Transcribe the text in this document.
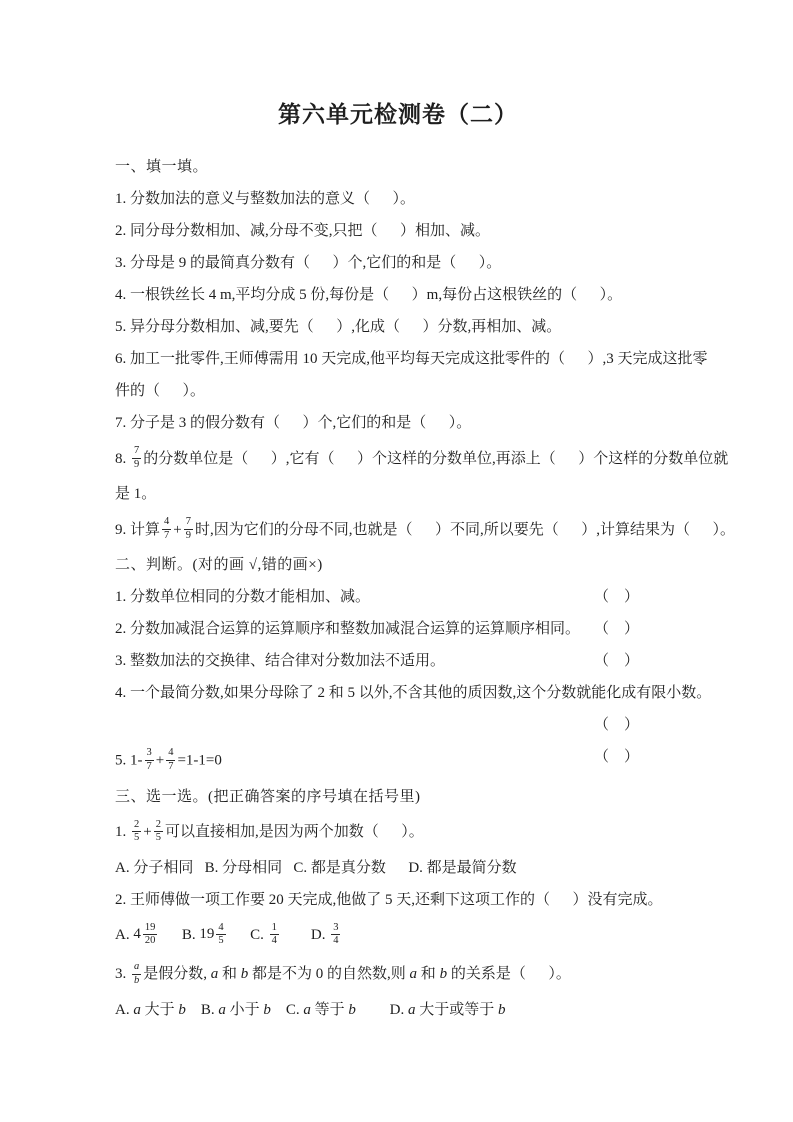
第六单元检测卷（二）
一、填一填。
1. 分数加法的意义与整数加法的意义（      ）。
2. 同分母分数相加、减,分母不变,只把（      ）相加、减。
3. 分母是 9 的最简真分数有（      ）个,它们的和是（      ）。
4. 一根铁丝长 4 m,平均分成 5 份,每份是（      ）m,每份占这根铁丝的（      ）。
5. 异分母分数相加、减,要先（      ）,化成（      ）分数,再相加、减。
6. 加工一批零件,王师傅需用 10 天完成,他平均每天完成这批零件的（      ）,3 天完成这批零
件的（      ）。
7. 分子是 3 的假分数有（      ）个,它们的和是（      ）。
8. $\frac{7}{9}$ 的分数单位是（      ）,它有（      ）个这样的分数单位,再添上（      ）个这样的分数单位就
是 1。
9. 计算 $\frac{4}{7} + \frac{7}{9}$ 时,因为它们的分母不同,也就是（      ）不同,所以要先（      ）,计算结果为（      ）。
二、判断。(对的画 √,错的画×)
1. 分数单位相同的分数才能相加、减。	（    ）
2. 分数加减混合运算的运算顺序和整数加减混合运算的运算顺序相同。 （    ）
3. 整数加法的交换律、结合律对分数加法不适用。	（    ）
4. 一个最简分数,如果分母除了 2 和 5 以外,不含其他的质因数,这个分数就能化成有限小数。
（    ）
5. $1- \frac{3}{7} + \frac{4}{7} =1-1=0$	（    ）
三、选一选。(把正确答案的序号填在括号里)
1. $\frac{2}{5} + \frac{2}{5}$ 可以直接相加,是因为两个加数（      ）。
A. 分子相同   B. 分母相同   C. 都是真分数      D. 都是最简分数
2. 王师傅做一项工作要 20 天完成,他做了 5 天,还剩下这项工作的（      ）没有完成。
A. $4 \frac{19}{20} B$. $19 \frac{4}{5} C$. $\frac{1}{4} D$. $\frac{3}{4}$
3. $\frac{a}{b}$ 是假分数, a 和 b 都是不为 0 的自然数,则 a 和 b 的关系是（      ）。
A. a 大于 b    B. a 小于 b    C. a 等于 b         D. a 大于或等于 b
